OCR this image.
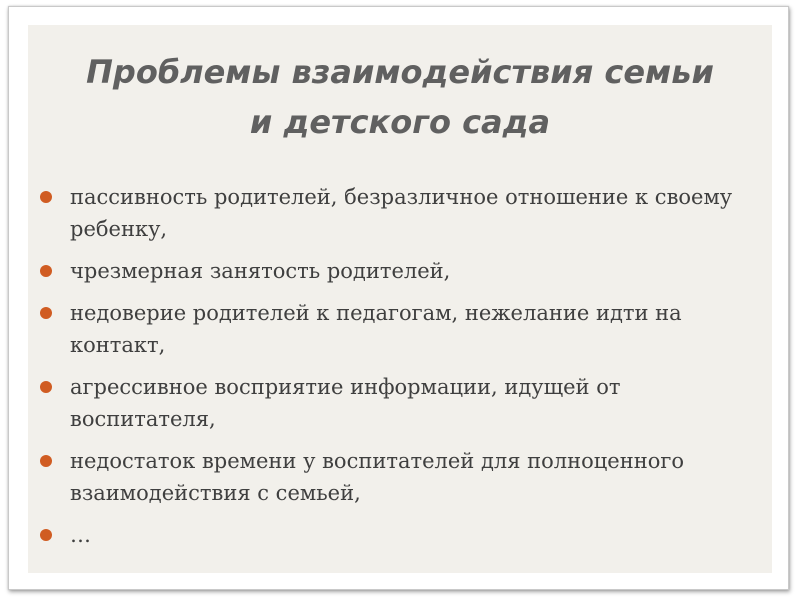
Проблемы взаимодействия семьи
и детского сада
пассивность родителей, безразличное отношение к своему ребенку,
чрезмерная занятость родителей,
недоверие родителей к педагогам, нежелание идти на контакт,
агрессивное восприятие информации, идущей от воспитателя,
недостаток времени у воспитателей для полноценного взаимодействия с семьей,
…
